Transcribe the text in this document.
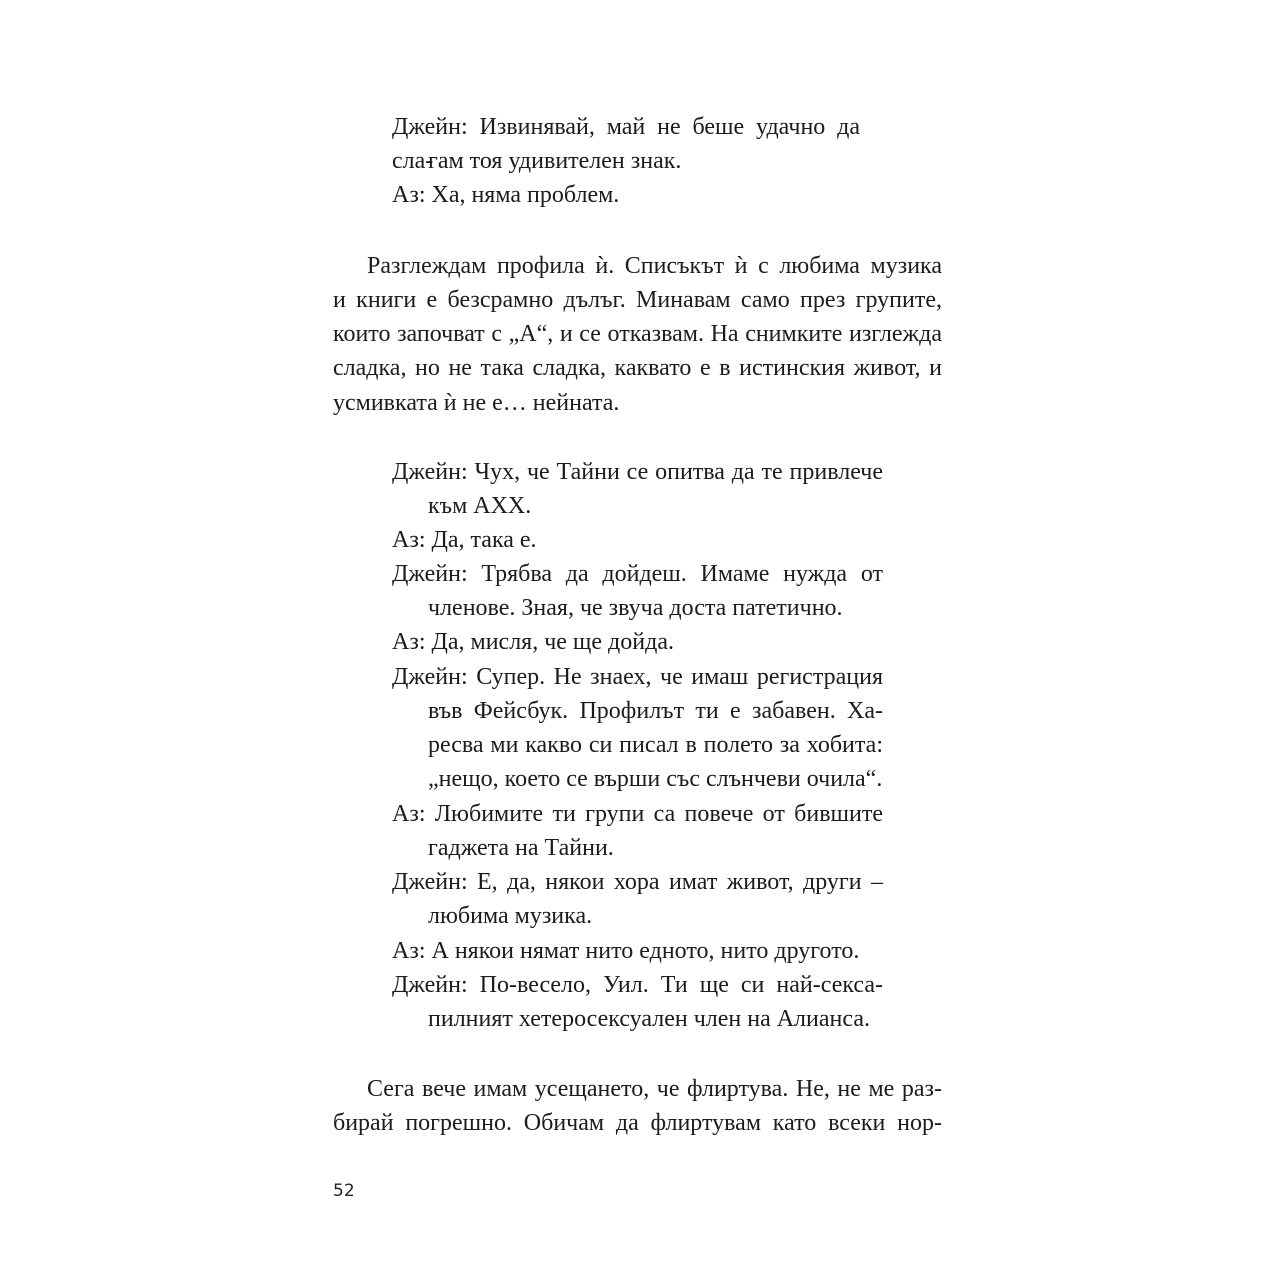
Джейн: Извинявай, май не беше удачно да сла-
гам тоя удивителен знак.
Аз: Ха, няма проблем.
Разглеждам профила ѝ. Списъкът ѝ с любима музика
и книги е безсрамно дълъг. Минавам само през групите,
които започват с „А“, и се отказвам. На снимките изглежда
сладка, но не така сладка, каквато е в истинския живот, и
усмивката ѝ не е… нейната.
Джейн: Чух, че Тайни се опитва да те привлече
към АХХ.
Аз: Да, така е.
Джейн: Трябва да дойдеш. Имаме нужда от
членове. Зная, че звуча доста патетично.
Аз: Да, мисля, че ще дойда.
Джейн: Супер. Не знаех, че имаш регистрация
във Фейсбук. Профилът ти е забавен. Ха-
ресва ми какво си писал в полето за хобита:
„нещо, което се върши със слънчеви очила“.
Аз: Любимите ти групи са повече от бившите
гаджета на Тайни.
Джейн: Е, да, някои хора имат живот, други –
любима музика.
Аз: А някои нямат нито едното, нито другото.
Джейн: По-весело, Уил. Ти ще си най-секса-
пилният хетеросексуален член на Алианса.
Сега вече имам усещането, че флиртува. Не, не ме раз-
бирай погрешно. Обичам да флиртувам като всеки нор-
52
